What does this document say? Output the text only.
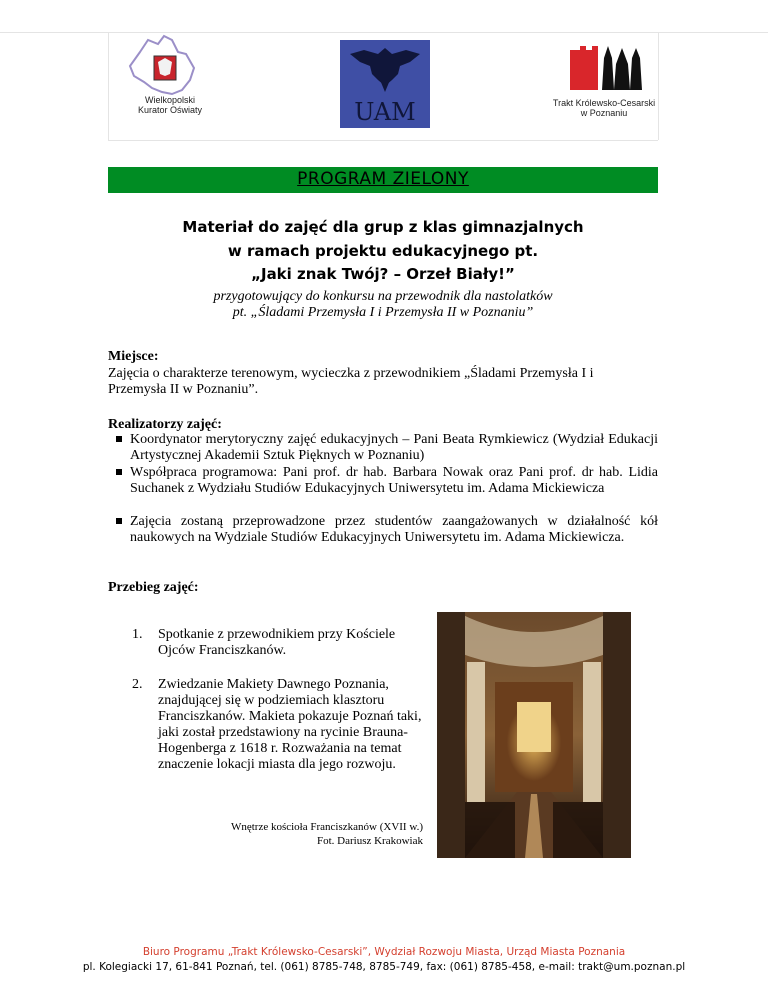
Wielkopolski
Kurator Oświaty	UAM	Trakt Królewsko-Cesarski
w Poznaniu
PROGRAM ZIELONY
Materiał do zajęć dla grup z klas gimnazjalnych
w ramach projektu edukacyjnego pt.
„Jaki znak Twój? – Orzeł Biały!”
przygotowujący do konkursu na przewodnik dla nastolatków
pt. „Śladami Przemysła I i Przemysła II w Poznaniu”
Miejsce:
Zajęcia o charakterze terenowym, wycieczka z przewodnikiem „Śladami Przemysła I i
Przemysła II w Poznaniu”.
Realizatorzy zajęć:
Koordynator merytoryczny zajęć edukacyjnych – Pani Beata Rymkiewicz (Wydział Edukacji Artystycznej Akademii Sztuk Pięknych w Poznaniu)
Współpraca programowa: Pani prof. dr hab. Barbara Nowak oraz Pani prof. dr hab. Lidia Suchanek z Wydziału Studiów Edukacyjnych Uniwersytetu im. Adama Mickiewicza
Zajęcia zostaną przeprowadzone przez studentów zaangażowanych w działalność kół naukowych na Wydziale Studiów Edukacyjnych Uniwersytetu im. Adama Mickiewicza.
Przebieg zajęć:
1. Spotkanie z przewodnikiem przy Kościele Ojców Franciszkanów.
2. Zwiedzanie Makiety Dawnego Poznania, znajdującej się w podziemiach klasztoru Franciszkanów. Makieta pokazuje Poznań taki, jaki został przedstawiony na rycinie Brauna-Hogenberga z 1618 r. Rozważania na temat znaczenie lokacji miasta dla jego rozwoju.
Wnętrze kościoła Franciszkanów (XVII w.)
Fot. Dariusz Krakowiak
Biuro Programu „Trakt Królewsko-Cesarski”, Wydział Rozwoju Miasta, Urząd Miasta Poznania
pl. Kolegiacki 17, 61-841 Poznań, tel. (061) 8785-748, 8785-749, fax: (061) 8785-458, e-mail: trakt@um.poznan.pl
